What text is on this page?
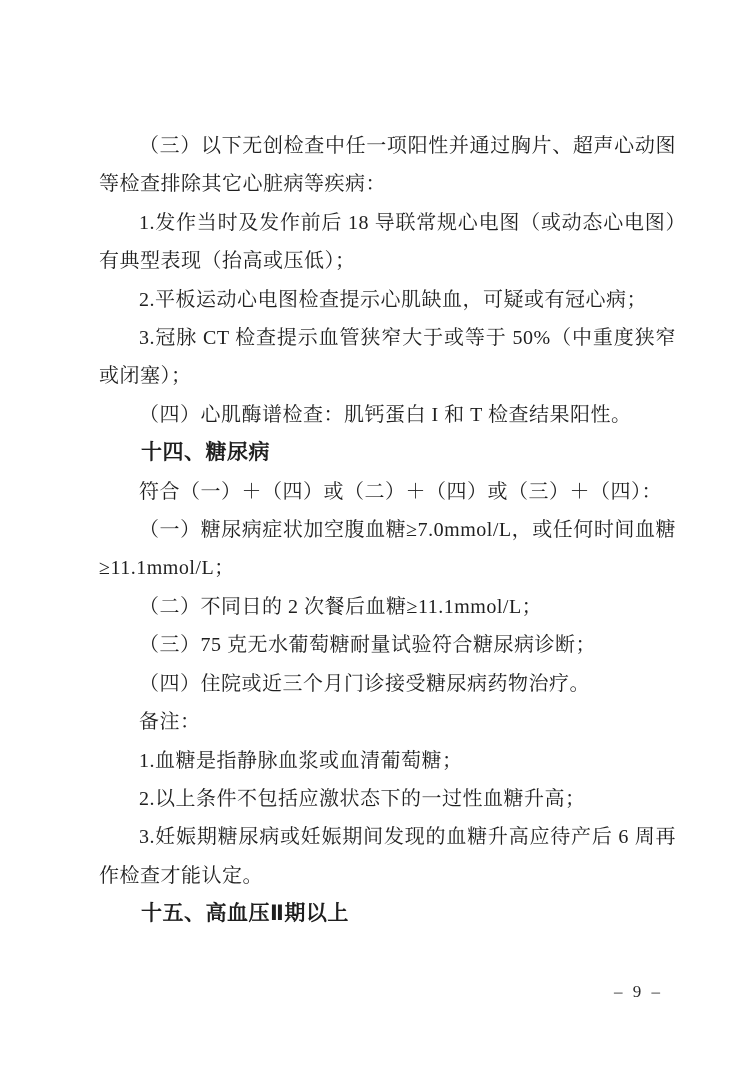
（三）以下无创检查中任一项阳性并通过胸片、超声心动图等检查排除其它心脏病等疾病：

1.发作当时及发作前后 18 导联常规心电图（或动态心电图）有典型表现（抬高或压低）；

2.平板运动心电图检查提示心肌缺血，可疑或有冠心病；

3.冠脉 CT 检查提示血管狭窄大于或等于 50%（中重度狭窄或闭塞）；

（四）心肌酶谱检查：肌钙蛋白 I 和 T 检查结果阳性。

十四、糖尿病

符合（一）＋（四）或（二）＋（四）或（三）＋（四）：

（一）糖尿病症状加空腹血糖≥7.0mmol/L，或任何时间血糖≥11.1mmol/L；

（二）不同日的 2 次餐后血糖≥11.1mmol/L；

（三）75 克无水葡萄糖耐量试验符合糖尿病诊断；

（四）住院或近三个月门诊接受糖尿病药物治疗。

备注：

1.血糖是指静脉血浆或血清葡萄糖；

2.以上条件不包括应激状态下的一过性血糖升高；

3.妊娠期糖尿病或妊娠期间发现的血糖升高应待产后 6 周再作检查才能认定。

十五、高血压Ⅱ期以上

– 9 –
